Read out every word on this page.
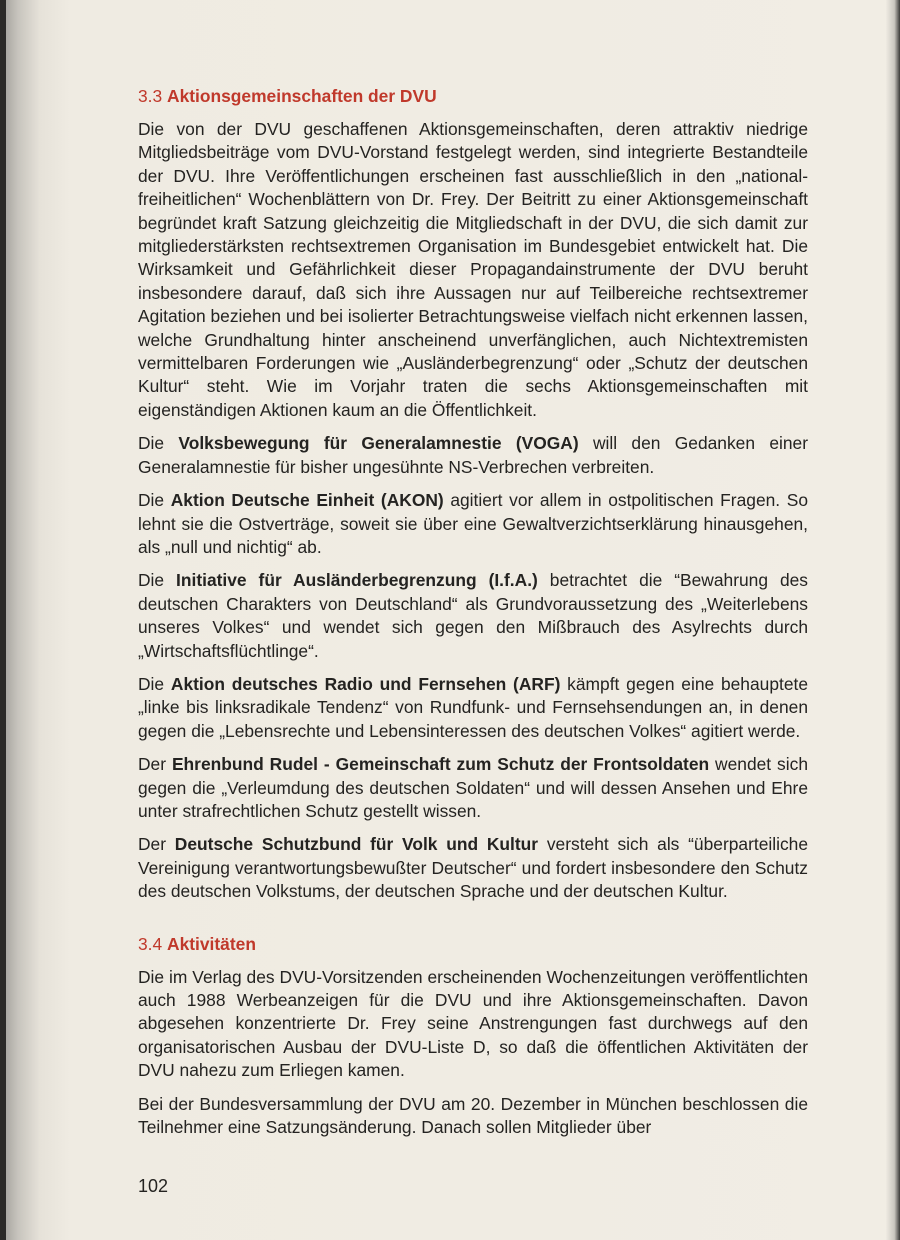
3.3 Aktionsgemeinschaften der DVU

Die von der DVU geschaffenen Aktionsgemeinschaften, deren attraktiv niedrige Mitgliedsbeiträge vom DVU-Vorstand festgelegt werden, sind integrierte Bestandteile der DVU. Ihre Veröffentlichungen erscheinen fast ausschließlich in den „national-freiheitlichen“ Wochenblättern von Dr. Frey. Der Beitritt zu einer Aktionsgemeinschaft begründet kraft Satzung gleichzeitig die Mitgliedschaft in der DVU, die sich damit zur mitgliederstärksten rechtsextremen Organisation im Bundesgebiet entwickelt hat. Die Wirksamkeit und Gefährlichkeit dieser Propagandainstrumente der DVU beruht insbesondere darauf, daß sich ihre Aussagen nur auf Teilbereiche rechtsextremer Agitation beziehen und bei isolierter Betrachtungsweise vielfach nicht erkennen lassen, welche Grundhaltung hinter anscheinend unverfänglichen, auch Nichtextremisten vermittelbaren Forderungen wie „Ausländerbegrenzung“ oder „Schutz der deutschen Kultur“ steht. Wie im Vorjahr traten die sechs Aktionsgemeinschaften mit eigenständigen Aktionen kaum an die Öffentlichkeit.

Die Volksbewegung für Generalamnestie (VOGA) will den Gedanken einer Generalamnestie für bisher ungesühnte NS-Verbrechen verbreiten.

Die Aktion Deutsche Einheit (AKON) agitiert vor allem in ostpolitischen Fragen. So lehnt sie die Ostverträge, soweit sie über eine Gewaltverzichtserklärung hinausgehen, als „null und nichtig“ ab.

Die Initiative für Ausländerbegrenzung (I.f.A.) betrachtet die “Bewahrung des deutschen Charakters von Deutschland“ als Grundvoraussetzung des „Weiterlebens unseres Volkes“ und wendet sich gegen den Mißbrauch des Asylrechts durch „Wirtschaftsflüchtlinge“.

Die Aktion deutsches Radio und Fernsehen (ARF) kämpft gegen eine behauptete „linke bis linksradikale Tendenz“ von Rundfunk- und Fernsehsendungen an, in denen gegen die „Lebensrechte und Lebensinteressen des deutschen Volkes“ agitiert werde.

Der Ehrenbund Rudel - Gemeinschaft zum Schutz der Frontsoldaten wendet sich gegen die „Verleumdung des deutschen Soldaten“ und will dessen Ansehen und Ehre unter strafrechtlichen Schutz gestellt wissen.

Der Deutsche Schutzbund für Volk und Kultur versteht sich als “überparteiliche Vereinigung verantwortungsbewußter Deutscher“ und fordert insbesondere den Schutz des deutschen Volkstums, der deutschen Sprache und der deutschen Kultur.

3.4 Aktivitäten

Die im Verlag des DVU-Vorsitzenden erscheinenden Wochenzeitungen veröffentlichten auch 1988 Werbeanzeigen für die DVU und ihre Aktionsgemeinschaften. Davon abgesehen konzentrierte Dr. Frey seine Anstrengungen fast durchwegs auf den organisatorischen Ausbau der DVU-Liste D, so daß die öffentlichen Aktivitäten der DVU nahezu zum Erliegen kamen.

Bei der Bundesversammlung der DVU am 20. Dezember in München beschlossen die Teilnehmer eine Satzungsänderung. Danach sollen Mitglieder über

102
